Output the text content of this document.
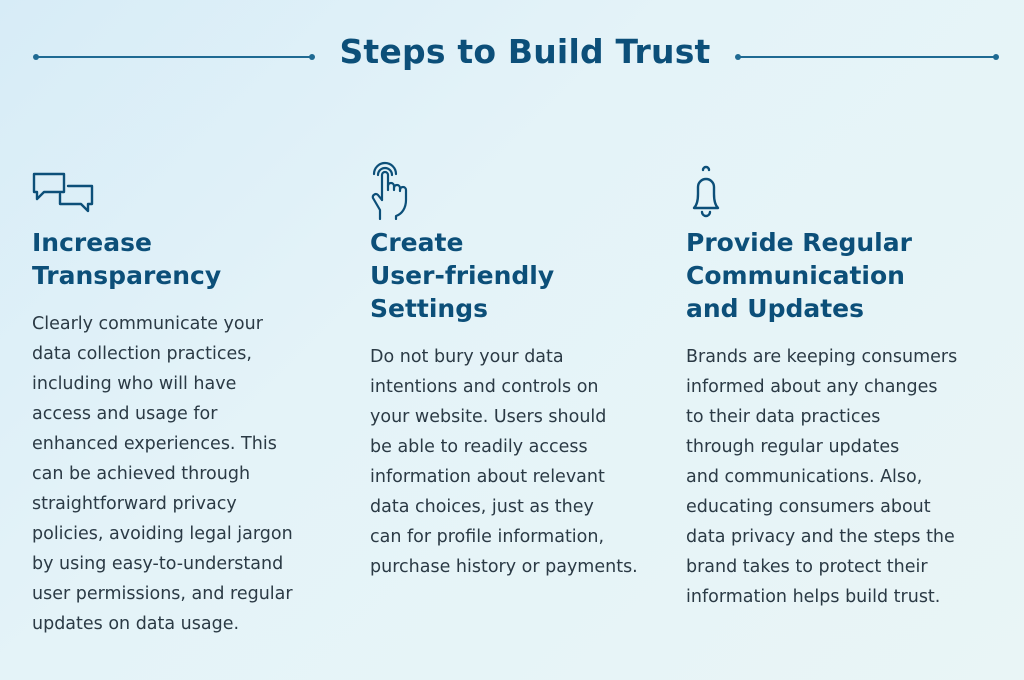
Steps to Build Trust
Increase
Transparency
Clearly communicate your
data collection practices,
including who will have
access and usage for
enhanced experiences. This
can be achieved through
straightforward privacy
policies, avoiding legal jargon
by using easy-to-understand
user permissions, and regular
updates on data usage.
Create
User-friendly
Settings
Do not bury your data
intentions and controls on
your website. Users should
be able to readily access
information about relevant
data choices, just as they
can for profile information,
purchase history or payments.
Provide Regular
Communication
and Updates
Brands are keeping consumers
informed about any changes
to their data practices
through regular updates
and communications. Also,
educating consumers about
data privacy and the steps the
brand takes to protect their
information helps build trust.
